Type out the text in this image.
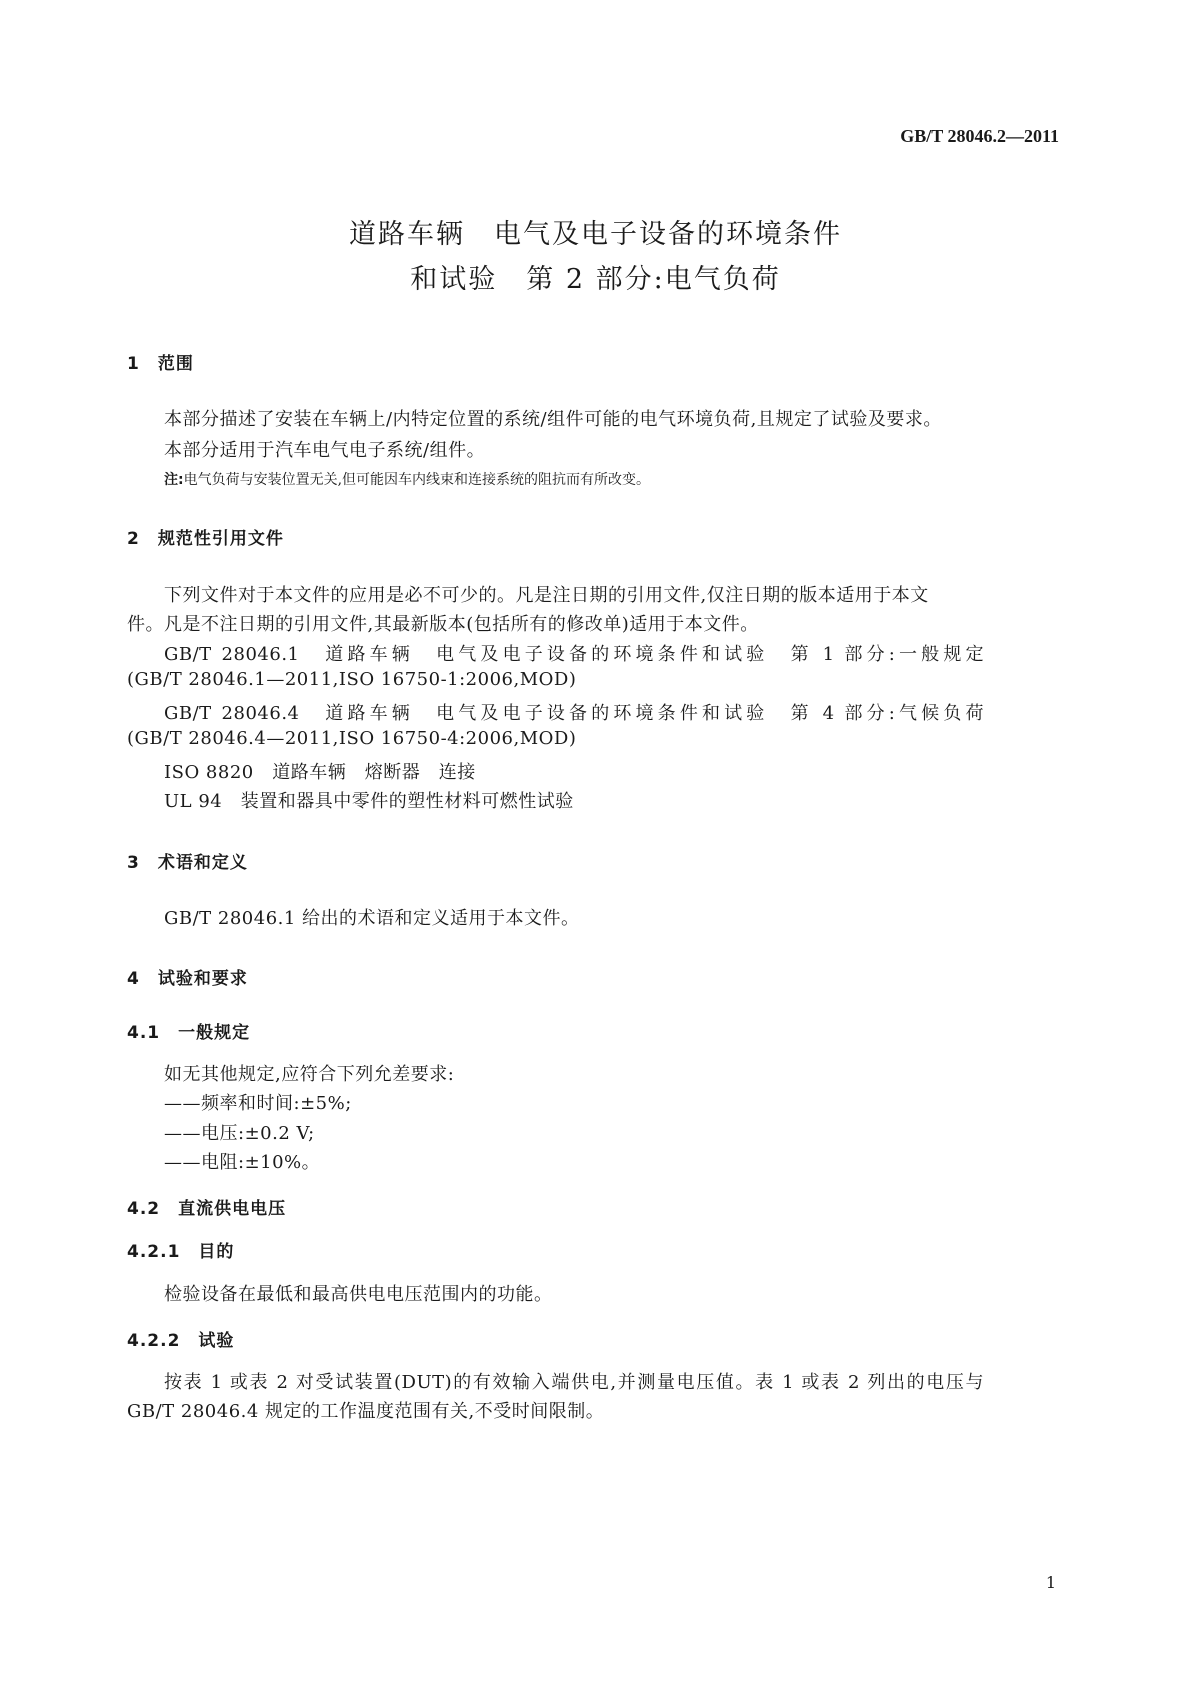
GB/T 28046.2—2011
道路车辆　电气及电子设备的环境条件
和试验　第 2 部分:电气负荷
1　范围
本部分描述了安装在车辆上/内特定位置的系统/组件可能的电气环境负荷,且规定了试验及要求。
本部分适用于汽车电气电子系统/组件。
注:电气负荷与安装位置无关,但可能因车内线束和连接系统的阻抗而有所改变。
2　规范性引用文件
下列文件对于本文件的应用是必不可少的。凡是注日期的引用文件,仅注日期的版本适用于本文
件。凡是不注日期的引用文件,其最新版本(包括所有的修改单)适用于本文件。
GB/T 28046.1　道路车辆　电气及电子设备的环境条件和试验　第 1 部分:一般规定
(GB/T 28046.1—2011,ISO 16750-1:2006,MOD)
GB/T 28046.4　道路车辆　电气及电子设备的环境条件和试验　第 4 部分:气候负荷
(GB/T 28046.4—2011,ISO 16750-4:2006,MOD)
ISO 8820　道路车辆　熔断器　连接
UL 94　装置和器具中零件的塑性材料可燃性试验
3　术语和定义
GB/T 28046.1 给出的术语和定义适用于本文件。
4　试验和要求
4.1　一般规定
如无其他规定,应符合下列允差要求:
——频率和时间:±5%;
——电压:±0.2 V;
——电阻:±10%。
4.2　直流供电电压
4.2.1　目的
检验设备在最低和最高供电电压范围内的功能。
4.2.2　试验
按表 1 或表 2 对受试装置(DUT)的有效输入端供电,并测量电压值。表 1 或表 2 列出的电压与
GB/T 28046.4 规定的工作温度范围有关,不受时间限制。
1
